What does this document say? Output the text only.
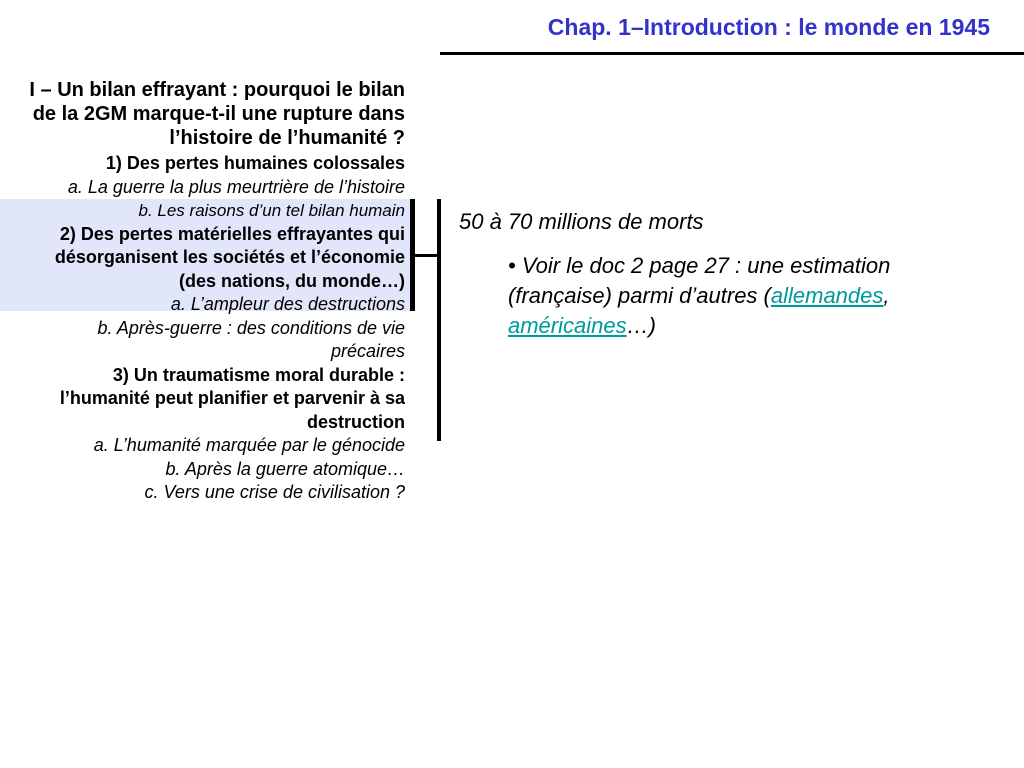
Chap. 1–Introduction : le monde en 1945
I – Un bilan effrayant : pourquoi le bilan de la 2GM marque-t-il une rupture dans l’histoire de l’humanité ?
1) Des pertes humaines colossales
a. La guerre la plus meurtrière de l’histoire
b. Les raisons d’un tel bilan humain
2) Des pertes matérielles effrayantes qui désorganisent les sociétés et l’économie (des nations, du monde…)
a. L’ampleur des destructions
b. Après-guerre : des conditions de vie précaires
3) Un traumatisme moral durable : l’humanité peut planifier et parvenir à sa destruction
a. L’humanité marquée par le génocide
b. Après la guerre atomique…
c. Vers une crise de civilisation ?
50 à 70 millions de morts
• Voir le doc 2 page 27 : une estimation (française) parmi d’autres (allemandes, américaines…)
